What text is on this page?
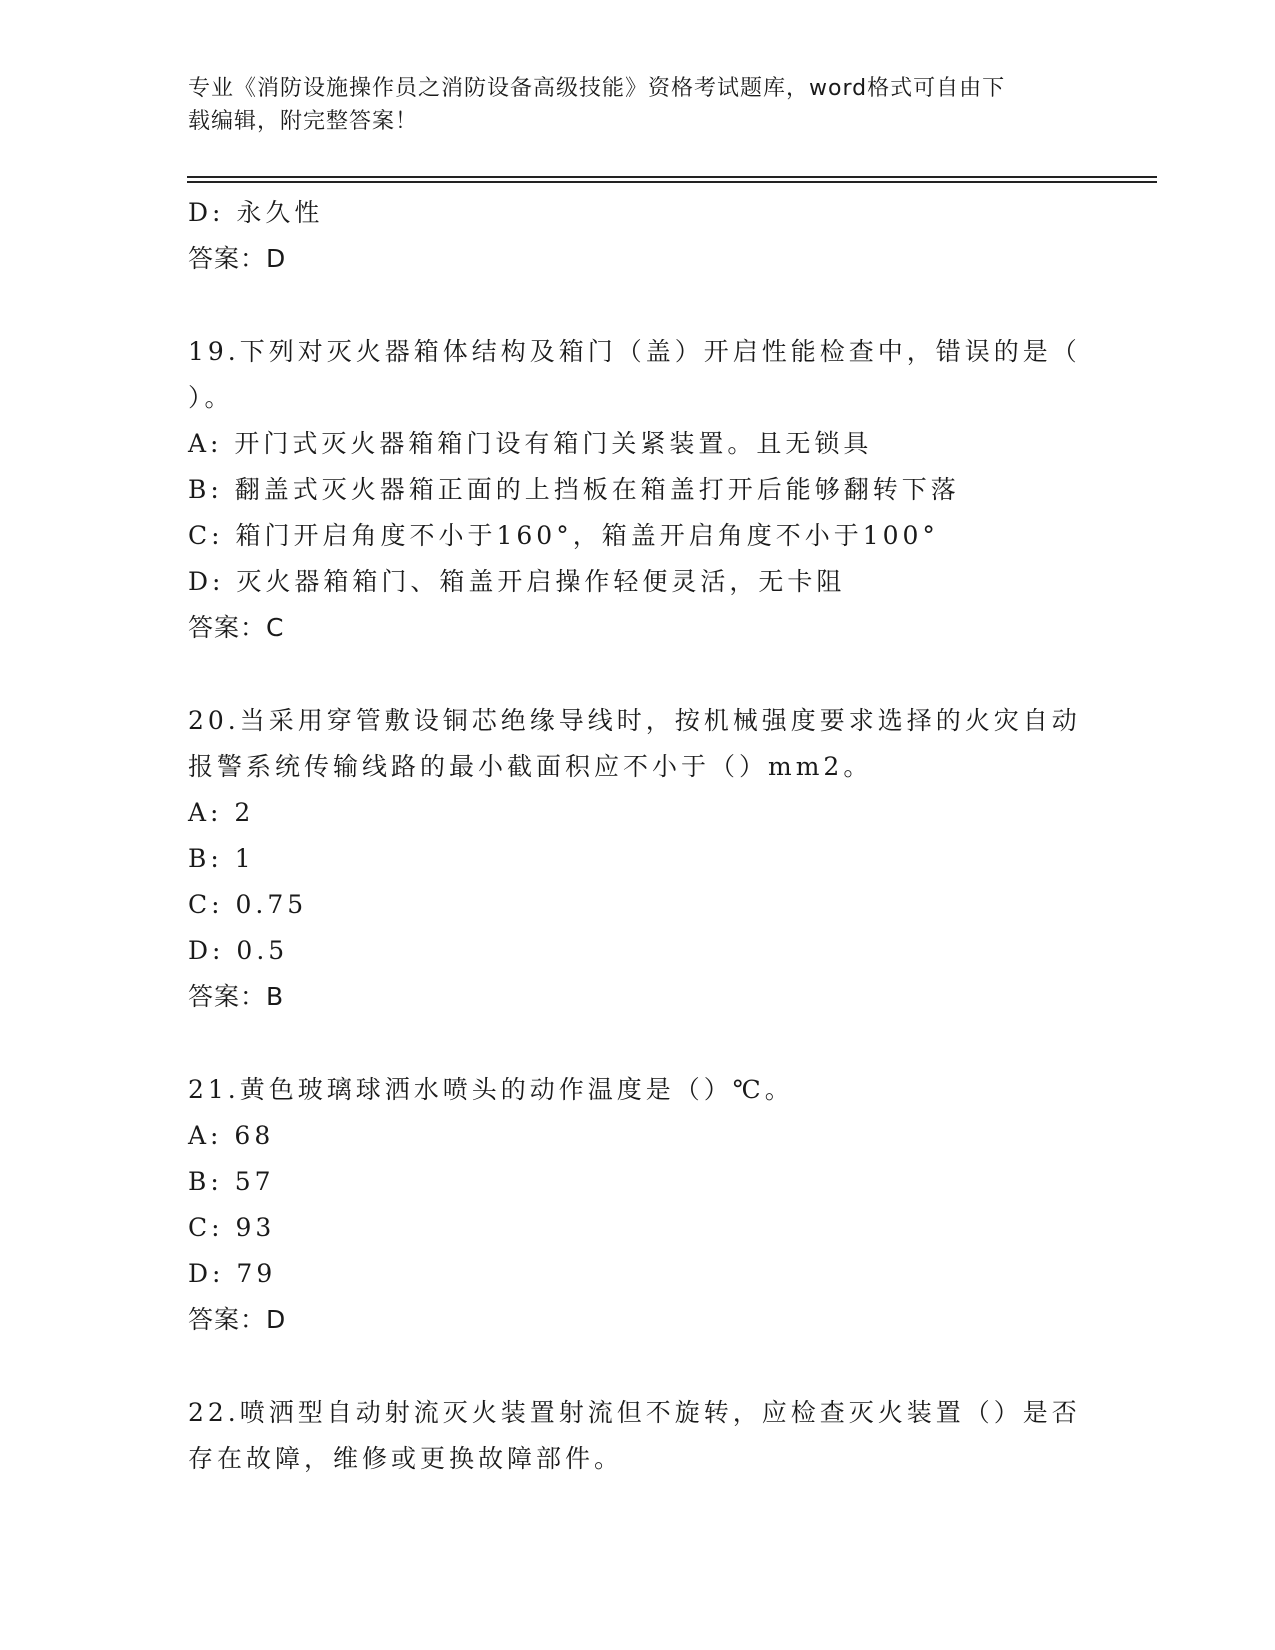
专业《消防设施操作员之消防设备高级技能》资格考试题库，word格式可自由下
载编辑，附完整答案！

D: 永久性

答案：D

19.下列对灭火器箱体结构及箱门（盖）开启性能检查中，错误的是（

）。

A: 开门式灭火器箱箱门设有箱门关紧装置。且无锁具

B: 翻盖式灭火器箱正面的上挡板在箱盖打开后能够翻转下落

C: 箱门开启角度不小于160°，箱盖开启角度不小于100°

D: 灭火器箱箱门、箱盖开启操作轻便灵活，无卡阻

答案：C

20.当采用穿管敷设铜芯绝缘导线时，按机械强度要求选择的火灾自动

报警系统传输线路的最小截面积应不小于（）mm2。

A: 2

B: 1

C: 0.75

D: 0.5

答案：B

21.黄色玻璃球洒水喷头的动作温度是（）℃。

A: 68

B: 57

C: 93

D: 79

答案：D

22.喷洒型自动射流灭火装置射流但不旋转，应检查灭火装置（）是否

存在故障，维修或更换故障部件。
